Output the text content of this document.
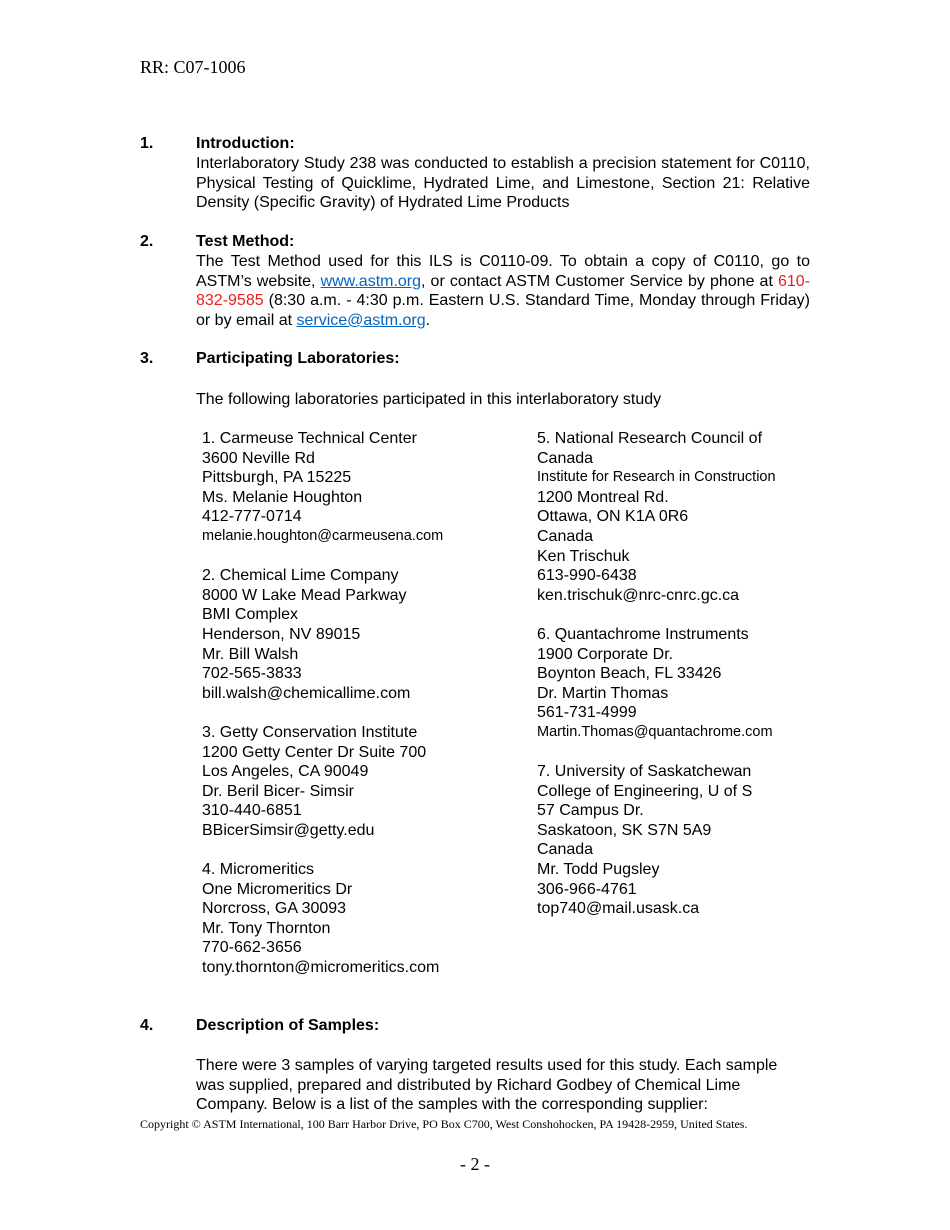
RR: C07-1006
1.	Introduction:

Interlaboratory Study 238 was conducted to establish a precision statement for C0110, Physical Testing of Quicklime, Hydrated Lime, and Limestone, Section 21: Relative Density (Specific Gravity) of Hydrated Lime Products

2.	Test Method:

The Test Method used for this ILS is C0110-09. To obtain a copy of C0110, go to ASTM’s website, www.astm.org, or contact ASTM Customer Service by phone at 610-832-9585 (8:30 a.m. - 4:30 p.m. Eastern U.S. Standard Time, Monday through Friday) or by email at service@astm.org.

3.	Participating Laboratories:
The following laboratories participated in this interlaboratory study
1. Carmeuse Technical Center
3600 Neville Rd
Pittsburgh, PA 15225
Ms. Melanie Houghton
412-777-0714
melanie.houghton@carmeusena.com
2. Chemical Lime Company
8000 W Lake Mead Parkway
BMI Complex
Henderson, NV 89015
Mr. Bill Walsh
702-565-3833
bill.walsh@chemicallime.com
3. Getty Conservation Institute
1200 Getty Center Dr Suite 700
Los Angeles, CA 90049
Dr. Beril Bicer- Simsir
310-440-6851
BBicerSimsir@getty.edu
4. Micromeritics
One Micromeritics Dr
Norcross, GA 30093
Mr. Tony Thornton
770-662-3656
tony.thornton@micromeritics.com
5. National Research Council of
Canada
Institute for Research in Construction
1200 Montreal Rd.
Ottawa, ON K1A 0R6
Canada
Ken Trischuk
613-990-6438
ken.trischuk@nrc-cnrc.gc.ca
6. Quantachrome Instruments
1900 Corporate Dr.
Boynton Beach, FL 33426
Dr. Martin Thomas
561-731-4999
Martin.Thomas@quantachrome.com
7. University of Saskatchewan
College of Engineering, U of S
57 Campus Dr.
Saskatoon, SK S7N 5A9
Canada
Mr. Todd Pugsley
306-966-4761
top740@mail.usask.ca
4.	Description of Samples:

There were 3 samples of varying targeted results used for this study. Each sample was supplied, prepared and distributed by Richard Godbey of Chemical Lime Company. Below is a list of the samples with the corresponding supplier:

Copyright © ASTM International, 100 Barr Harbor Drive, PO Box C700, West Conshohocken, PA 19428-2959, United States.
- 2 -
